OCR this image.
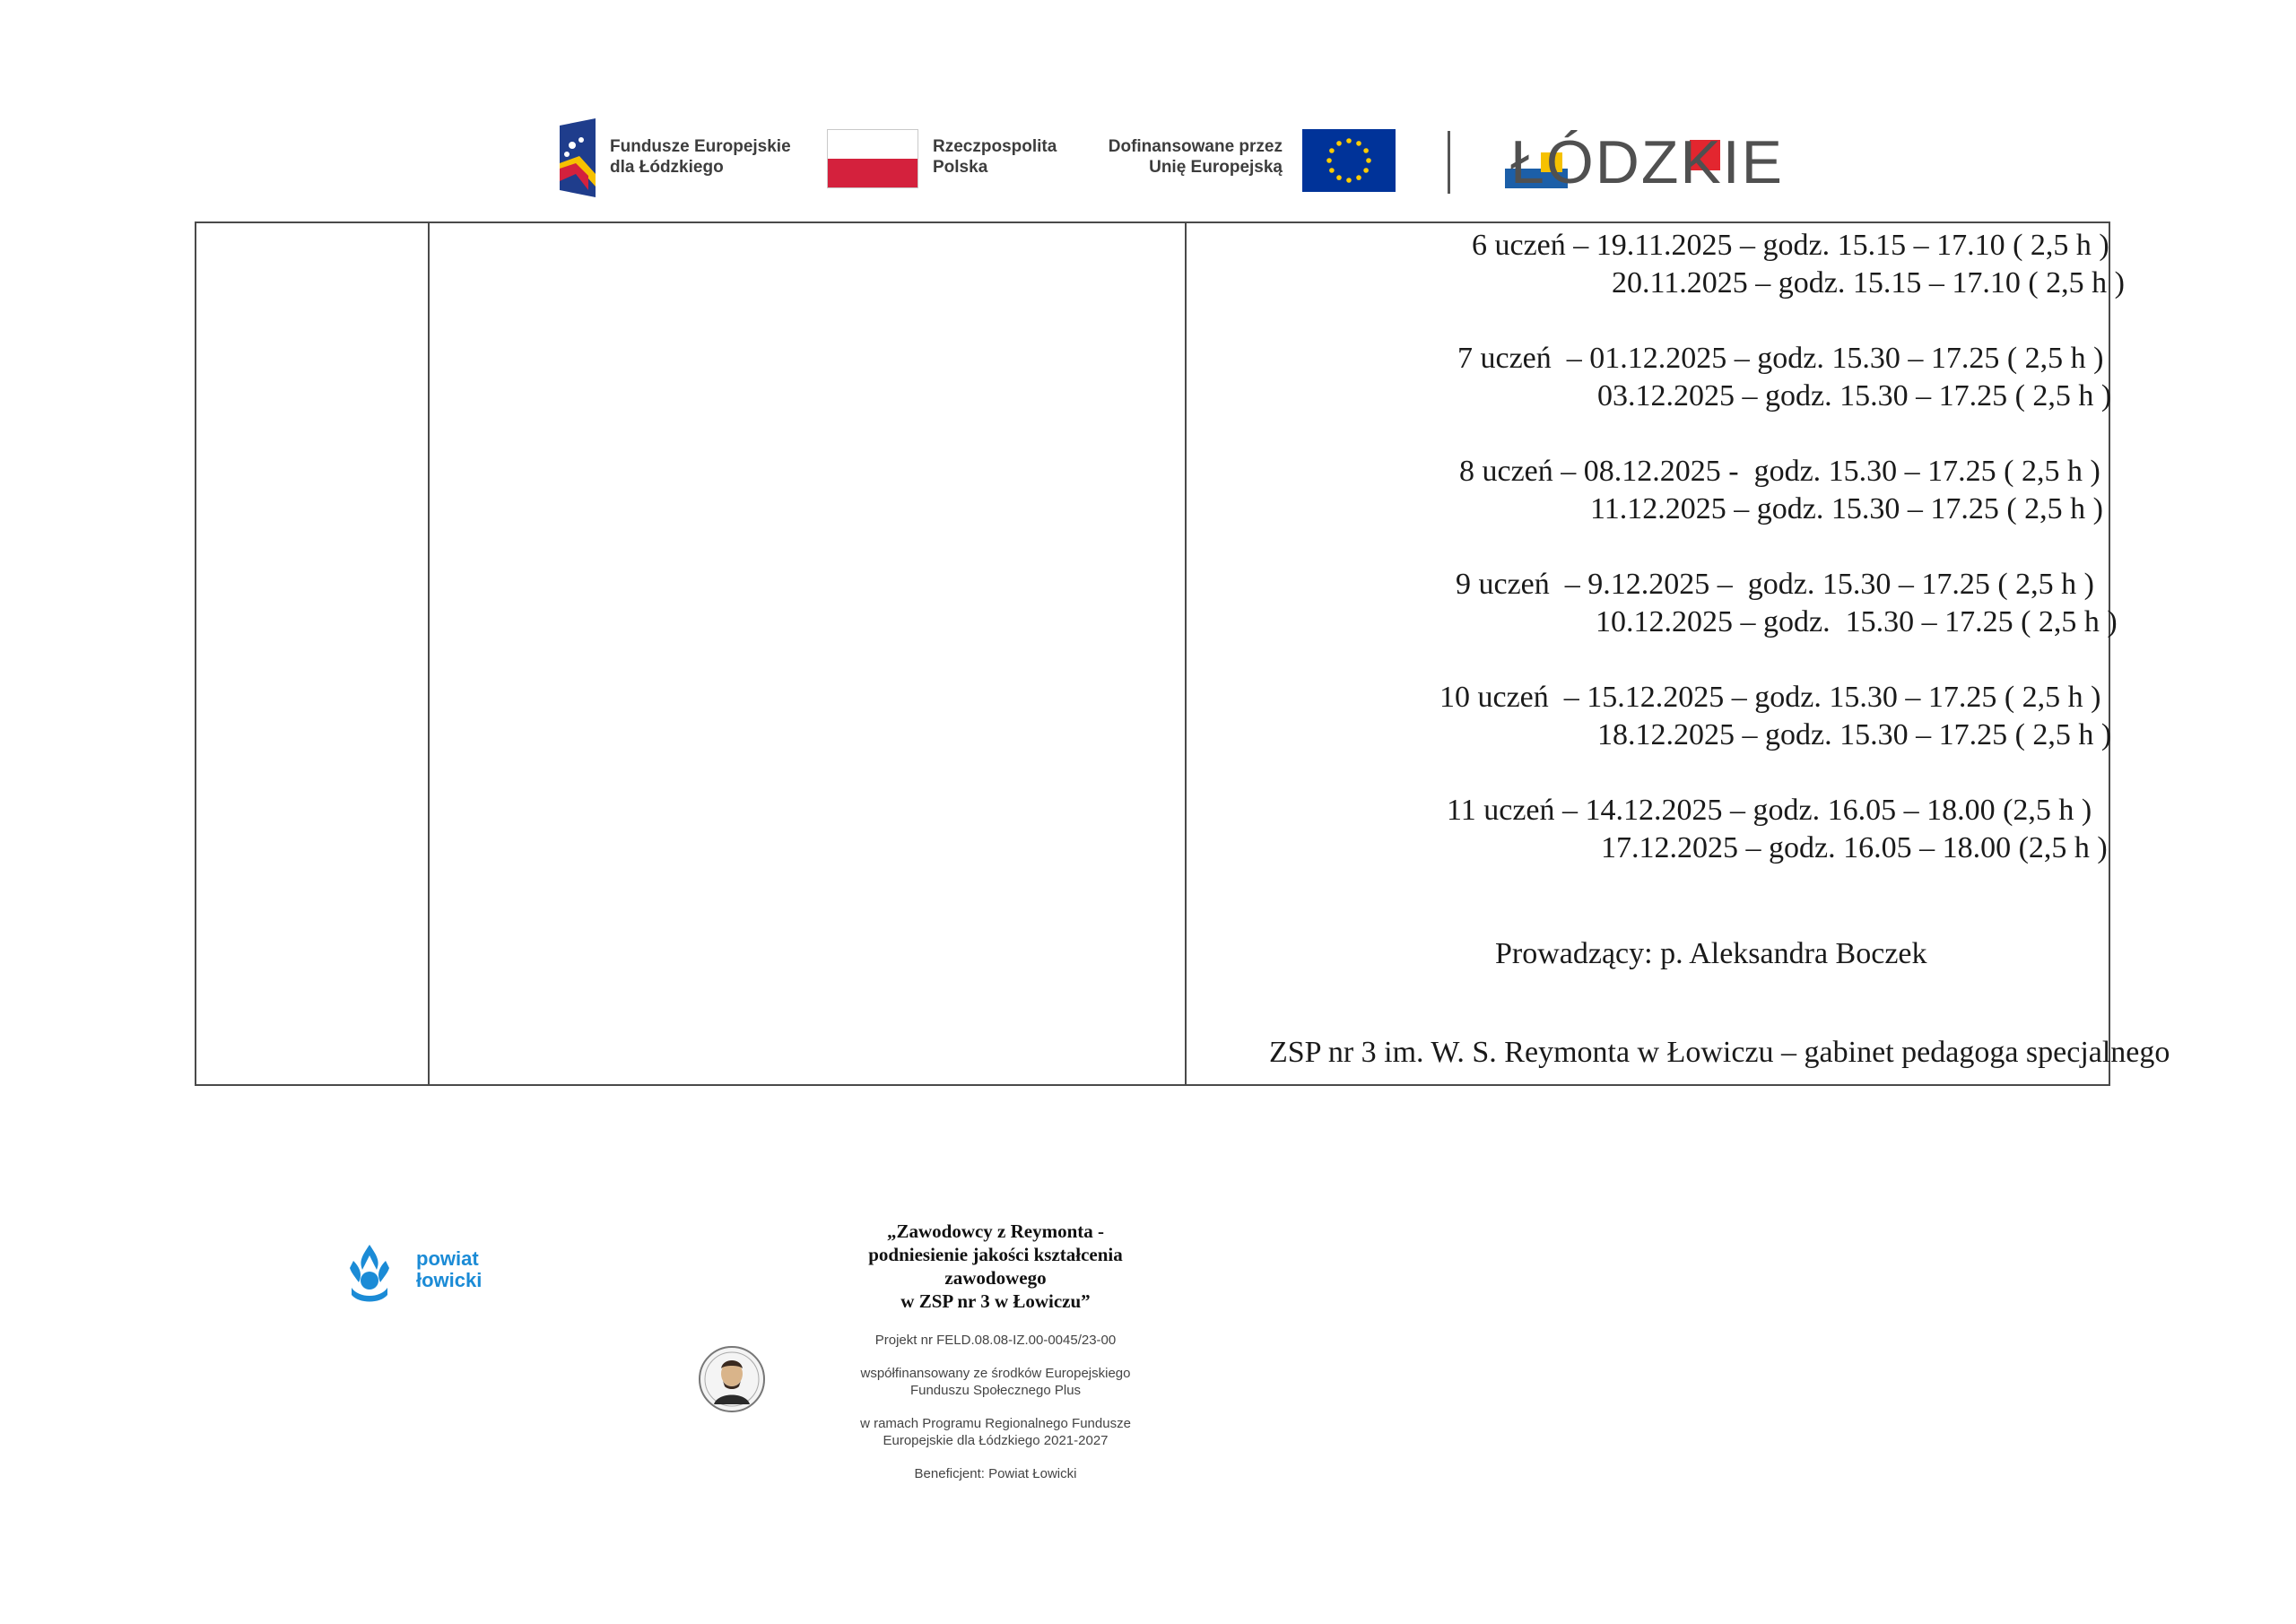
Fundusze Europejskie
dla Łódzkiego
Rzeczpospolita
Polska
Dofinansowane przez
Unię Europejską	ŁÓDZKIE
6 uczeń – 19.11.2025 – godz. 15.15 – 17.10 ( 2,5 h )
20.11.2025 – godz. 15.15 – 17.10 ( 2,5 h )
7 uczeń  – 01.12.2025 – godz. 15.30 – 17.25 ( 2,5 h )
03.12.2025 – godz. 15.30 – 17.25 ( 2,5 h )
8 uczeń – 08.12.2025 -  godz. 15.30 – 17.25 ( 2,5 h )
11.12.2025 – godz. 15.30 – 17.25 ( 2,5 h )
9 uczeń  – 9.12.2025 –  godz. 15.30 – 17.25 ( 2,5 h )
10.12.2025 – godz.  15.30 – 17.25 ( 2,5 h )
10 uczeń  – 15.12.2025 – godz. 15.30 – 17.25 ( 2,5 h )
18.12.2025 – godz. 15.30 – 17.25 ( 2,5 h )
11 uczeń – 14.12.2025 – godz. 16.05 – 18.00 (2,5 h )
17.12.2025 – godz. 16.05 – 18.00 (2,5 h )
Prowadzący: p. Aleksandra Boczek
ZSP nr 3 im. W. S. Reymonta w Łowiczu – gabinet pedagoga specjalnego
powiat
łowicki
„Zawodowcy z Reymonta -
podniesienie jakości kształcenia
zawodowego
w ZSP nr 3 w Łowiczu”
Projekt nr FELD.08.08-IZ.00-0045/23-00
współfinansowany ze środków Europejskiego
Funduszu Społecznego Plus
w ramach Programu Regionalnego Fundusze
Europejskie dla Łódzkiego 2021-2027
Beneficjent: Powiat Łowicki
